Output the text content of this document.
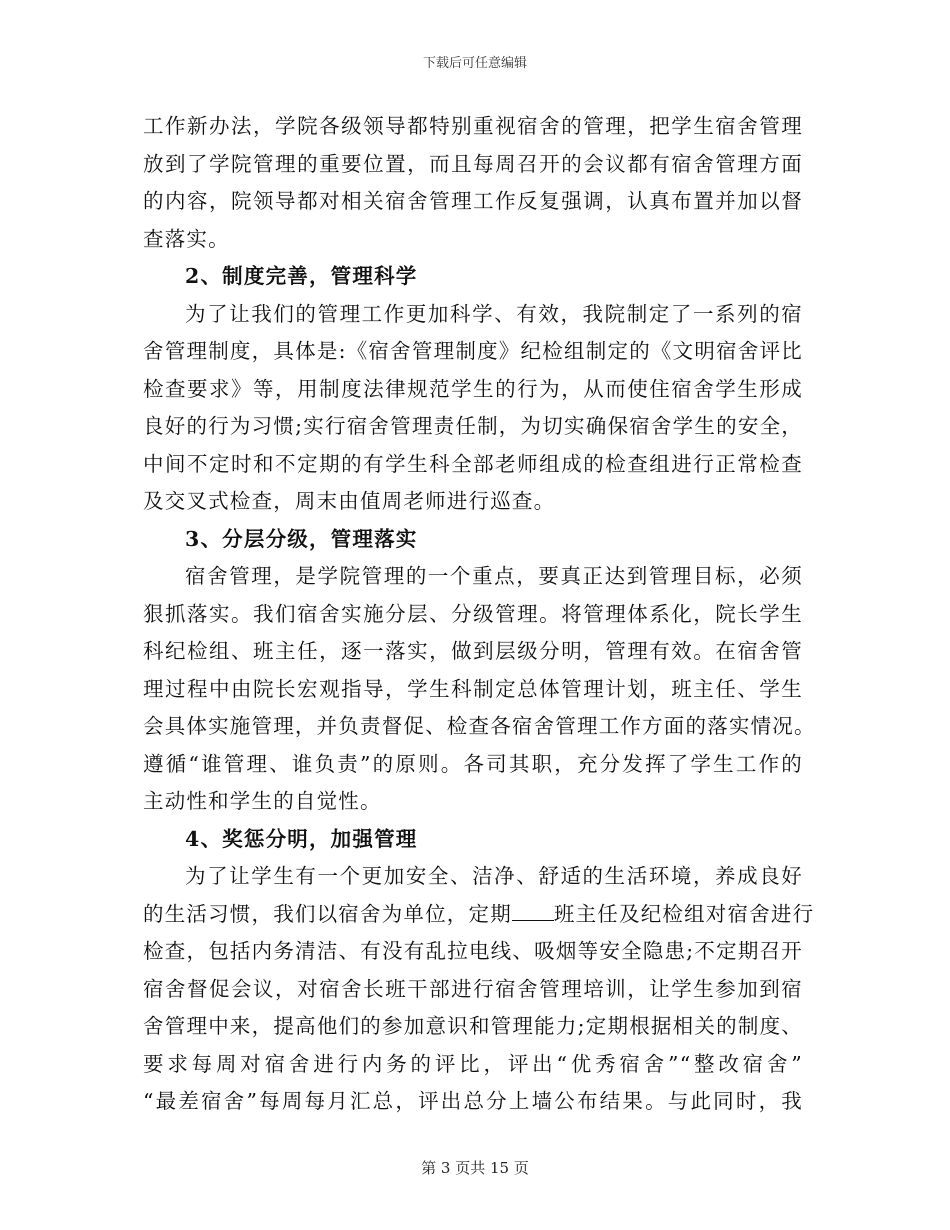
下载后可任意编辑
工作新办法，学院各级领导都特别重视宿舍的管理，把学生宿舍管理
放到了学院管理的重要位置，而且每周召开的会议都有宿舍管理方面
的内容，院领导都对相关宿舍管理工作反复强调，认真布置并加以督
查落实。
2、制度完善，管理科学
为了让我们的管理工作更加科学、有效，我院制定了一系列的宿
舍管理制度，具体是:《宿舍管理制度》纪检组制定的《文明宿舍评比
检查要求》等，用制度法律规范学生的行为，从而使住宿舍学生形成
良好的行为习惯;实行宿舍管理责任制，为切实确保宿舍学生的安全，
中间不定时和不定期的有学生科全部老师组成的检查组进行正常检查
及交叉式检查，周末由值周老师进行巡查。
3、分层分级，管理落实
宿舍管理，是学院管理的一个重点，要真正达到管理目标，必须
狠抓落实。我们宿舍实施分层、分级管理。将管理体系化，院长学生
科纪检组、班主任，逐一落实，做到层级分明，管理有效。在宿舍管
理过程中由院长宏观指导，学生科制定总体管理计划，班主任、学生
会具体实施管理，并负责督促、检查各宿舍管理工作方面的落实情况。
遵循“谁管理、谁负责”的原则。各司其职，充分发挥了学生工作的
主动性和学生的自觉性。
4、奖惩分明，加强管理
为了让学生有一个更加安全、洁净、舒适的生活环境，养成良好
的生活习惯，我们以宿舍为单位，定期 班主任及纪检组对宿舍进行
检查，包括内务清洁、有没有乱拉电线、吸烟等安全隐患;不定期召开
宿舍督促会议，对宿舍长班干部进行宿舍管理培训，让学生参加到宿
舍管理中来，提高他们的参加意识和管理能力;定期根据相关的制度、
要求每周对宿舍进行内务的评比，评出“优秀宿舍”“整改宿舍”
“最差宿舍”每周每月汇总，评出总分上墙公布结果。与此同时，我
第 3 页共 15 页
